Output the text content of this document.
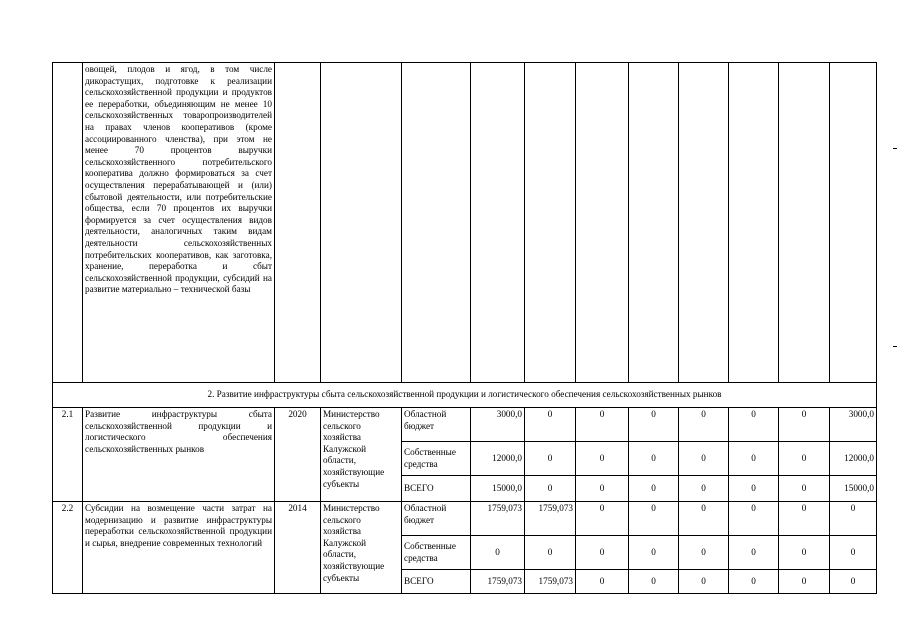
	овощей, плодов и ягод, в том числе дикорастущих, подготовке к реализации сельскохозяйственной продукции и продуктов ее переработки, объединяющим не менее 10 сельскохозяйственных товаропроизводителей на правах членов кооперативов (кроме ассоциированного членства), при этом не менее 70 процентов выручки сельскохозяйственного потребительского кооператива должно формироваться за счет осуществления перерабатывающей и (или) сбытовой деятельности, или потребительские общества, если 70 процентов их выручки формируется за счет осуществления видов деятельности, аналогичных таким видам деятельности сельскохозяйственных потребительских кооперативов, как заготовка, хранение, переработка и сбыт сельскохозяйственной продукции, субсидий на развитие материально – технической базы											
2. Развитие инфраструктуры сбыта сельскохозяйственной продукции и логистического обеспечения сельскохозяйственных рынков												
2.1	Развитие инфраструктуры сбыта сельскохозяйственной продукции и логистического обеспечения сельскохозяйственных рынков	2020	Министерство сельского хозяйства Калужской области, хозяйствующие субъекты	Областной бюджет	3000,0	0	0	0	0	0	0	3000,0
				Собственные средства	12000,0	0	0	0	0	0	0	12000,0
				ВСЕГО	15000,0	0	0	0	0	0	0	15000,0
2.2	Субсидии на возмещение части затрат на модернизацию и развитие инфраструктуры переработки сельскохозяйственной продукции и сырья, внедрение современных технологий	2014	Министерство сельского хозяйства Калужской области, хозяйствующие субъекты	Областной бюджет	1759,073	1759,073	0	0	0	0	0	0
				Собственные средства	0	0	0	0	0	0	0	0
				ВСЕГО	1759,073	1759,073	0	0	0	0	0	0
